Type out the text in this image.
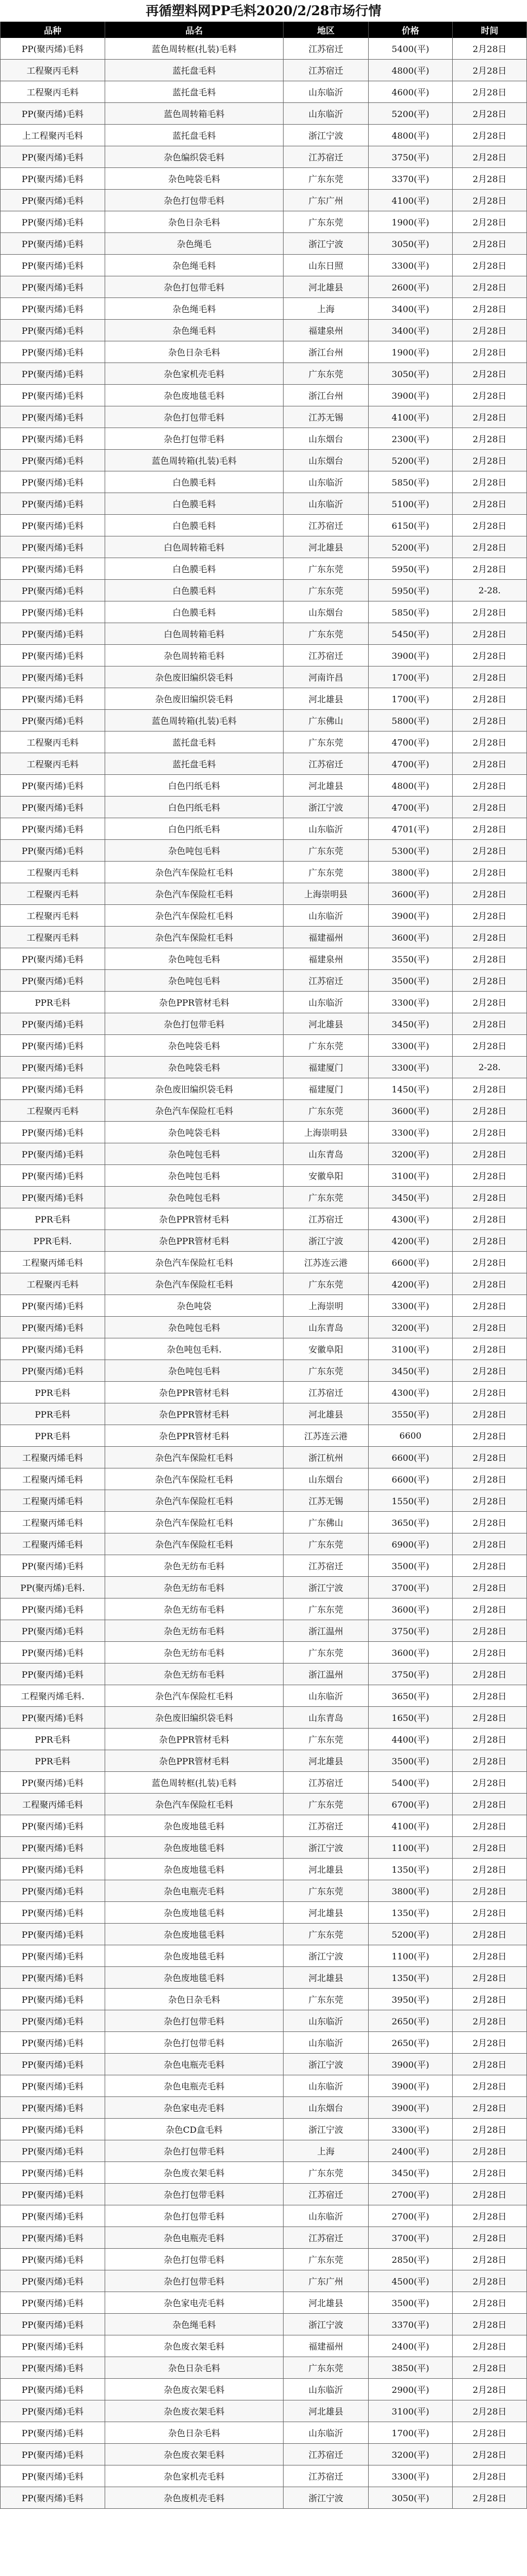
再循塑料网PP毛料2020/2/28市场行情
品种	品名	地区	价格	时间
PP(聚丙烯)毛料	蓝色周转框(扎装)毛料	江苏宿迁	5400(平)	2月28日
工程聚丙毛料	蓝托盘毛料	江苏宿迁	4800(平)	2月28日
工程聚丙毛料	蓝托盘毛料	山东临沂	4600(平)	2月28日
PP(聚丙烯)毛料	蓝色周转箱毛料	山东临沂	5200(平)	2月28日
上工程聚丙毛料	蓝托盘毛料	浙江宁波	4800(平)	2月28日
PP(聚丙烯)毛料	杂色编织袋毛料	江苏宿迁	3750(平)	2月28日
PP(聚丙烯)毛料	杂色吨袋毛料	广东东莞	3370(平)	2月28日
PP(聚丙烯)毛料	杂色打包带毛料	广东广州	4100(平)	2月28日
PP(聚丙烯)毛料	杂色日杂毛料	广东东莞	1900(平)	2月28日
PP(聚丙烯)毛料	杂色绳毛	浙江宁波	3050(平)	2月28日
PP(聚丙烯)毛料	杂色绳毛料	山东日照	3300(平)	2月28日
PP(聚丙烯)毛料	杂色打包带毛料	河北雄县	2600(平)	2月28日
PP(聚丙烯)毛料	杂色绳毛料	上海	3400(平)	2月28日
PP(聚丙烯)毛料	杂色绳毛料	福建泉州	3400(平)	2月28日
PP(聚丙烯)毛料	杂色日杂毛料	浙江台州	1900(平)	2月28日
PP(聚丙烯)毛料	杂色家机壳毛料	广东东莞	3050(平)	2月28日
PP(聚丙烯)毛料	杂色废地毯毛料	浙江台州	3900(平)	2月28日
PP(聚丙烯)毛料	杂色打包带毛料	江苏无锡	4100(平)	2月28日
PP(聚丙烯)毛料	杂色打包带毛料	山东烟台	2300(平)	2月28日
PP(聚丙烯)毛料	蓝色周转箱(扎装)毛料	山东烟台	5200(平)	2月28日
PP(聚丙烯)毛料	白色膜毛料	山东临沂	5850(平)	2月28日
PP(聚丙烯)毛料	白色膜毛料	山东临沂	5100(平)	2月28日
PP(聚丙烯)毛料	白色膜毛料	江苏宿迁	6150(平)	2月28日
PP(聚丙烯)毛料	白色周转箱毛料	河北雄县	5200(平)	2月28日
PP(聚丙烯)毛料	白色膜毛料	广东东莞	5950(平)	2月28日
PP(聚丙烯)毛料	白色膜毛料	广东东莞	5950(平)	2-28.
PP(聚丙烯)毛料	白色膜毛料	山东烟台	5850(平)	2月28日
PP(聚丙烯)毛料	白色周转箱毛料	广东东莞	5450(平)	2月28日
PP(聚丙烯)毛料	杂色周转箱毛料	江苏宿迁	3900(平)	2月28日
PP(聚丙烯)毛料	杂色废旧编织袋毛料	河南许昌	1700(平)	2月28日
PP(聚丙烯)毛料	杂色废旧编织袋毛料	河北雄县	1700(平)	2月28日
PP(聚丙烯)毛料	蓝色周转箱(扎装)毛料	广东佛山	5800(平)	2月28日
工程聚丙毛料	蓝托盘毛料	广东东莞	4700(平)	2月28日
工程聚丙毛料	蓝托盘毛料	江苏宿迁	4700(平)	2月28日
PP(聚丙烯)毛料	白色円纸毛料	河北雄县	4800(平)	2月28日
PP(聚丙烯)毛料	白色円纸毛料	浙江宁波	4700(平)	2月28日
PP(聚丙烯)毛料	白色円纸毛料	山东临沂	4701(平)	2月28日
PP(聚丙烯)毛料	杂色吨包毛料	广东东莞	5300(平)	2月28日
工程聚丙毛料	杂色汽车保险杠毛料	广东东莞	3800(平)	2月28日
工程聚丙毛料	杂色汽车保险杠毛料	上海崇明县	3600(平)	2月28日
工程聚丙毛料	杂色汽车保险杠毛料	山东临沂	3900(平)	2月28日
工程聚丙毛料	杂色汽车保险杠毛料	福建福州	3600(平)	2月28日
PP(聚丙烯)毛料	杂色吨包毛料	福建泉州	3550(平)	2月28日
PP(聚丙烯)毛料	杂色吨包毛料	江苏宿迁	3500(平)	2月28日
PPR毛料	杂色PPR管材毛料	山东临沂	3300(平)	2月28日
PP(聚丙烯)毛料	杂色打包带毛料	河北雄县	3450(平)	2月28日
PP(聚丙烯)毛料	杂色吨袋毛料	广东东莞	3300(平)	2月28日
PP(聚丙烯)毛料	杂色吨袋毛料	福建厦门	3300(平)	2-28.
PP(聚丙烯)毛料	杂色废旧编织袋毛料	福建厦门	1450(平)	2月28日
工程聚丙毛料	杂色汽车保险杠毛料	广东东莞	3600(平)	2月28日
PP(聚丙烯)毛料	杂色吨袋毛料	上海崇明县	3300(平)	2月28日
PP(聚丙烯)毛料	杂色吨包毛料	山东青岛	3200(平)	2月28日
PP(聚丙烯)毛料	杂色吨包毛料	安徽阜阳	3100(平)	2月28日
PP(聚丙烯)毛料	杂色吨包毛料	广东东莞	3450(平)	2月28日
PPR毛料	杂色PPR管材毛料	江苏宿迁	4300(平)	2月28日
PPR毛料.	杂色PPR管材毛料	浙江宁波	4200(平)	2月28日
工程聚丙烯毛料	杂色汽车保险杠毛料	江苏连云港	6600(平)	2月28日
工程聚丙毛料	杂色汽车保险杠毛料	广东东莞	4200(平)	2月28日
PP(聚丙烯)毛料	杂色吨袋	上海崇明	3300(平)	2月28日
PP(聚丙烯)毛料	杂色吨包毛料	山东青岛	3200(平)	2月28日
PP(聚丙烯)毛料	杂色吨包毛料.	安徽阜阳	3100(平)	2月28日
PP(聚丙烯)毛料	杂色吨包毛料	广东东莞	3450(平)	2月28日
PPR毛料	杂色PPR管材毛料	江苏宿迁	4300(平)	2月28日
PPR毛料	杂色PPR管材毛料	河北雄县	3550(平)	2月28日
PPR毛料	杂色PPR管材毛料	江苏连云港	6600	2月28日
工程聚丙烯毛料	杂色汽车保险杠毛料	浙江杭州	6600(平)	2月28日
工程聚丙烯毛料	杂色汽车保险杠毛料	山东烟台	6600(平)	2月28日
工程聚丙烯毛料	杂色汽车保险杠毛料	江苏无锡	1550(平)	2月28日
工程聚丙烯毛料	杂色汽车保险杠毛料	广东佛山	3650(平)	2月28日
工程聚丙烯毛料	杂色汽车保险杠毛料	广东东莞	6900(平)	2月28日
PP(聚丙烯)毛料	杂色无纺布毛料	江苏宿迁	3500(平)	2月28日
PP(聚丙烯)毛料.	杂色无纺布毛料	浙江宁波	3700(平)	2月28日
PP(聚丙烯)毛料	杂色无纺布毛料	广东东莞	3600(平)	2月28日
PP(聚丙烯)毛料	杂色无纺布毛料	浙江温州	3750(平)	2月28日
PP(聚丙烯)毛料	杂色无纺布毛料	广东东莞	3600(平)	2月28日
PP(聚丙烯)毛料	杂色无纺布毛料	浙江温州	3750(平)	2月28日
工程聚丙烯毛料.	杂色汽车保险杠毛料	山东临沂	3650(平)	2月28日
PP(聚丙烯)毛料	杂色废旧编织袋毛料	山东青岛	1650(平)	2月28日
PPR毛料	杂色PPR管材毛料	广东东莞	4400(平)	2月28日
PPR毛料	杂色PPR管材毛料	河北雄县	3500(平)	2月28日
PP(聚丙烯)毛料	蓝色周转框(扎装)毛料	江苏宿迁	5400(平)	2月28日
工程聚丙烯毛料	杂色汽车保险杠毛料	广东东莞	6700(平)	2月28日
PP(聚丙烯)毛料	杂色废地毯毛料	江苏宿迁	4100(平)	2月28日
PP(聚丙烯)毛料	杂色废地毯毛料	浙江宁波	1100(平)	2月28日
PP(聚丙烯)毛料	杂色废地毯毛料	河北雄县	1350(平)	2月28日
PP(聚丙烯)毛料	杂色电瓶壳毛料	广东东莞	3800(平)	2月28日
PP(聚丙烯)毛料	杂色废地毯毛料	河北雄县	1350(平)	2月28日
PP(聚丙烯)毛料	杂色废地毯毛料	广东东莞	5200(平)	2月28日
PP(聚丙烯)毛料	杂色废地毯毛料	浙江宁波	1100(平)	2月28日
PP(聚丙烯)毛料	杂色废地毯毛料	河北雄县	1350(平)	2月28日
PP(聚丙烯)毛料	杂色日杂毛料	广东东莞	3950(平)	2月28日
PP(聚丙烯)毛料	杂色打包带毛料	山东临沂	2650(平)	2月28日
PP(聚丙烯)毛料	杂色打包带毛料	山东临沂	2650(平)	2月28日
PP(聚丙烯)毛料	杂色电瓶壳毛料	浙江宁波	3900(平)	2月28日
PP(聚丙烯)毛料	杂色电瓶壳毛料	山东临沂	3900(平)	2月28日
PP(聚丙烯)毛料	杂色家电壳毛料	山东烟台	3900(平)	2月28日
PP(聚丙烯)毛料	杂色CD盒毛料	浙江宁波	3300(平)	2月28日
PP(聚丙烯)毛料	杂色打包带毛料	上海	2400(平)	2月28日
PP(聚丙烯)毛料	杂色废衣架毛料	广东东莞	3450(平)	2月28日
PP(聚丙烯)毛料	杂色打包带毛料	江苏宿迁	2700(平)	2月28日
PP(聚丙烯)毛料	杂色打包带毛料	山东临沂	2700(平)	2月28日
PP(聚丙烯)毛料	杂色电瓶壳毛料	江苏宿迁	3700(平)	2月28日
PP(聚丙烯)毛料	杂色打包带毛料	广东东莞	2850(平)	2月28日
PP(聚丙烯)毛料	杂色打包带毛料	广东广州	4500(平)	2月28日
PP(聚丙烯)毛料	杂色家电壳毛料	河北雄县	3500(平)	2月28日
PP(聚丙烯)毛料	杂色绳毛料	浙江宁波	3370(平)	2月28日
PP(聚丙烯)毛料	杂色废衣架毛料	福建福州	2400(平)	2月28日
PP(聚丙烯)毛料	杂色日杂毛料	广东东莞	3850(平)	2月28日
PP(聚丙烯)毛料	杂色废衣架毛料	山东临沂	2900(平)	2月28日
PP(聚丙烯)毛料	杂色废衣架毛料	河北雄县	3100(平)	2月28日
PP(聚丙烯)毛料	杂色日杂毛料	山东临沂	1700(平)	2月28日
PP(聚丙烯)毛料	杂色废衣架毛料	江苏宿迁	3200(平)	2月28日
PP(聚丙烯)毛料	杂色家机壳毛料	江苏宿迁	3300(平)	2月28日
PP(聚丙烯)毛料	杂色废机壳毛料	浙江宁波	3050(平)	2月28日
